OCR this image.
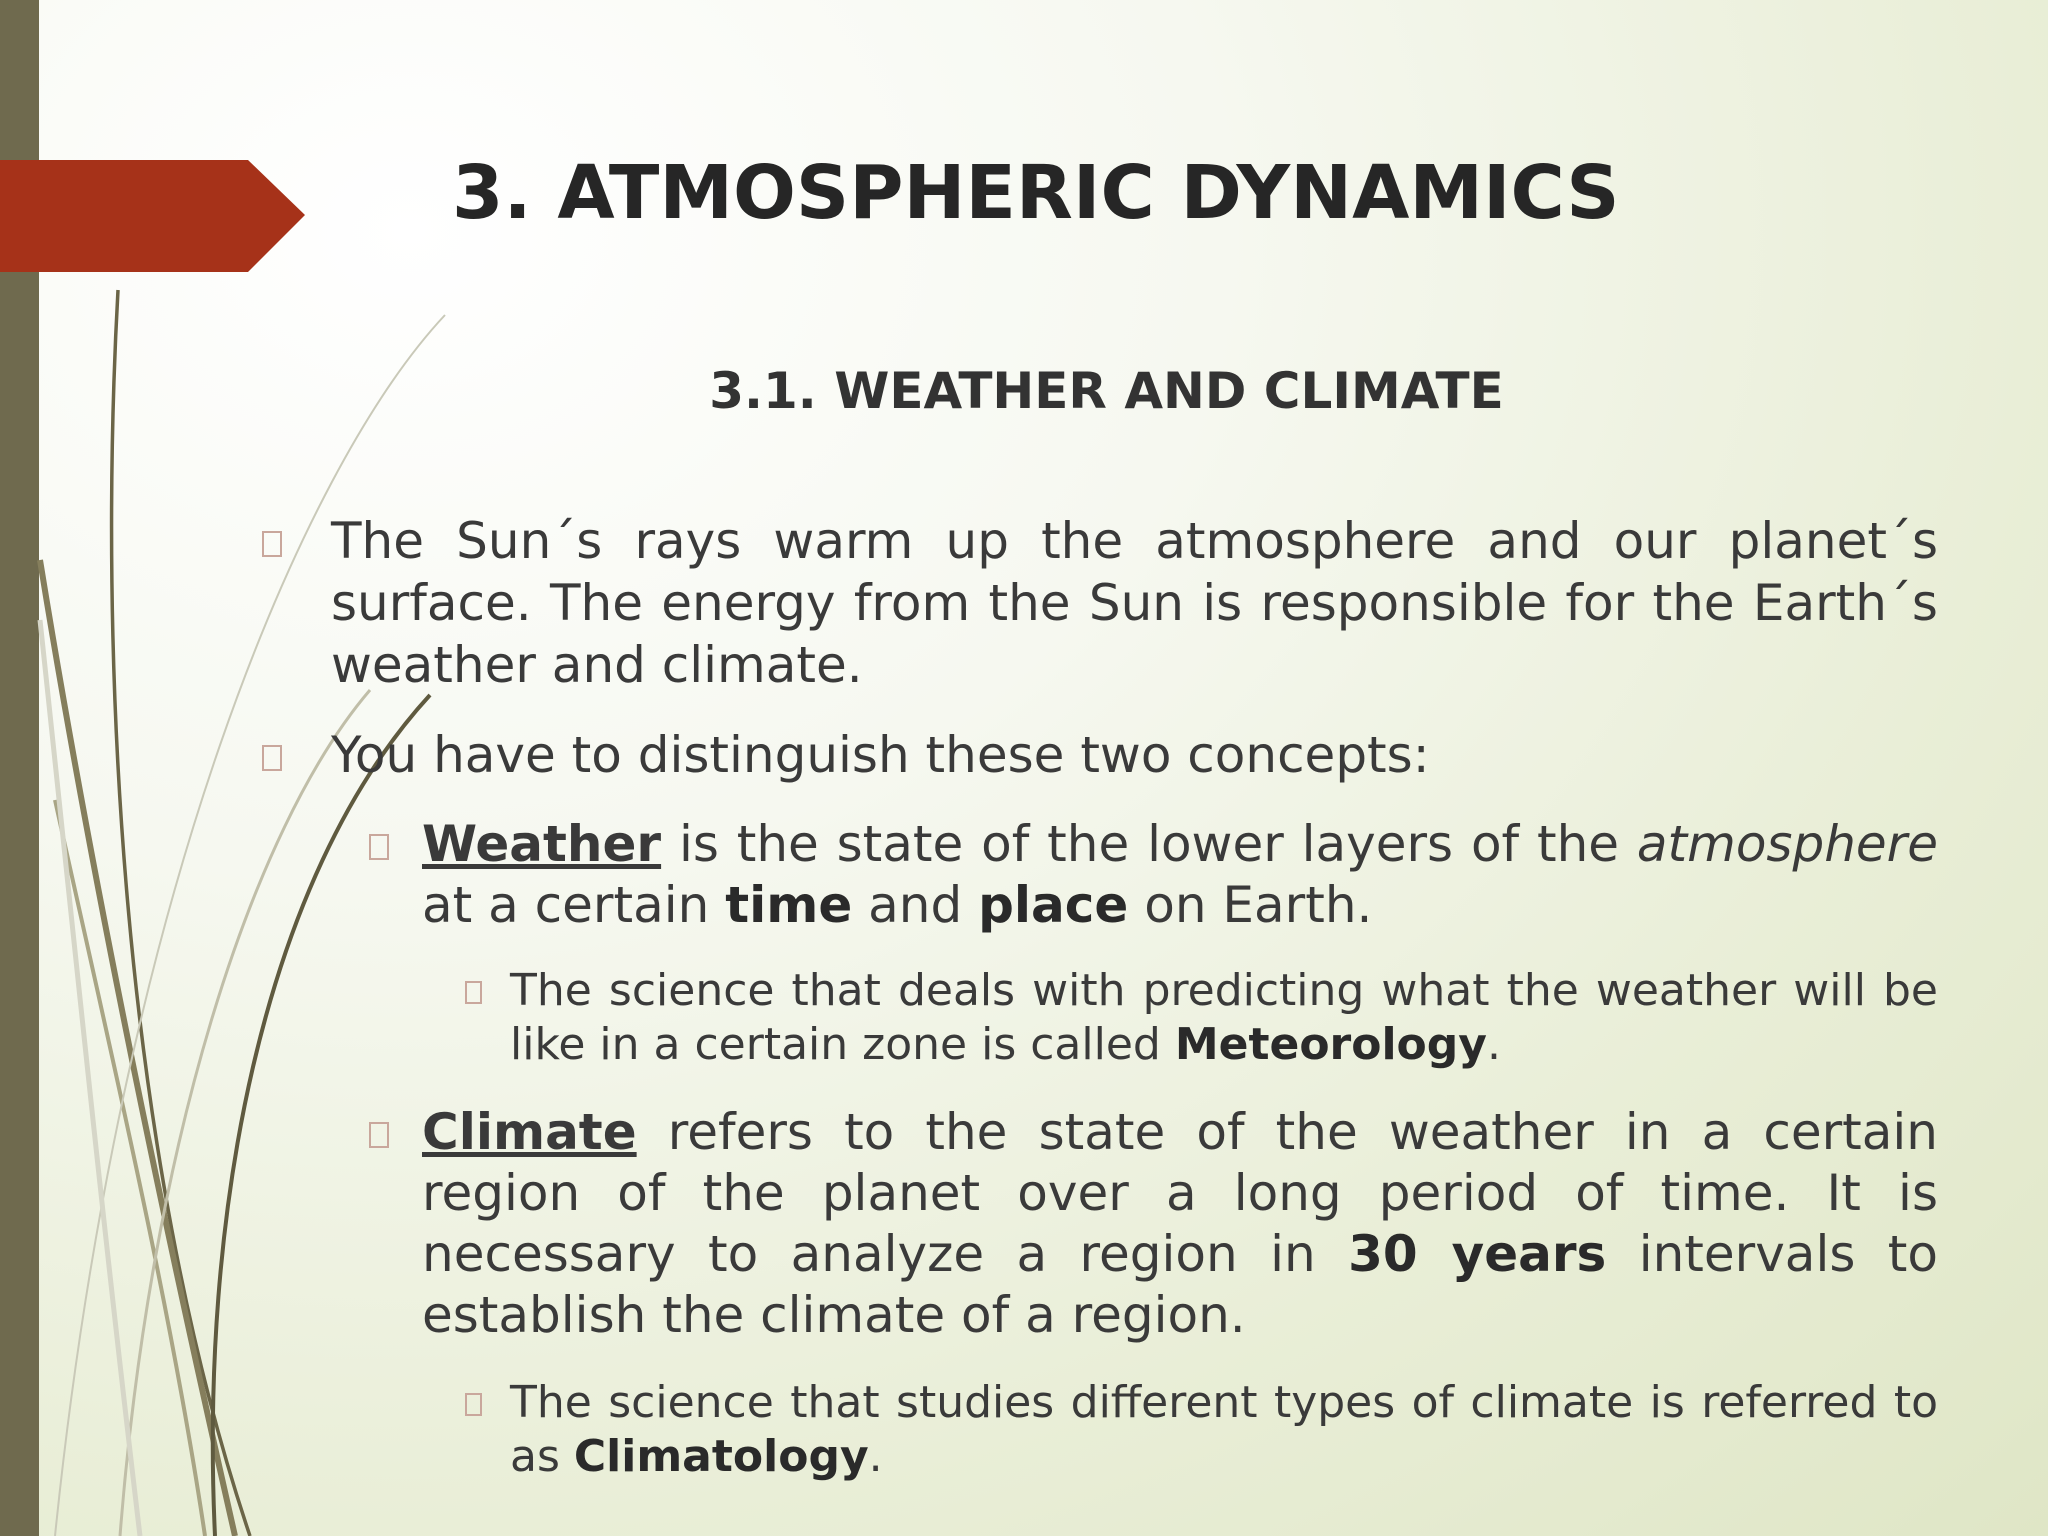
3. ATMOSPHERIC DYNAMICS
3.1. WEATHER AND CLIMATE
The Sun´s rays warm up the atmosphere and our planet´s surface. The energy from the Sun is responsible for the Earth´s weather and climate.
You have to distinguish these two concepts:
Weather is the state of the lower layers of the atmosphere at a certain time and place on Earth.
The science that deals with predicting what the weather will be like in a certain zone is called Meteorology.
Climate refers to the state of the weather in a certain region of the planet over a long period of time. It is necessary to analyze a region in 30 years intervals to establish the climate of a region.
The science that studies different types of climate is referred to as Climatology.
